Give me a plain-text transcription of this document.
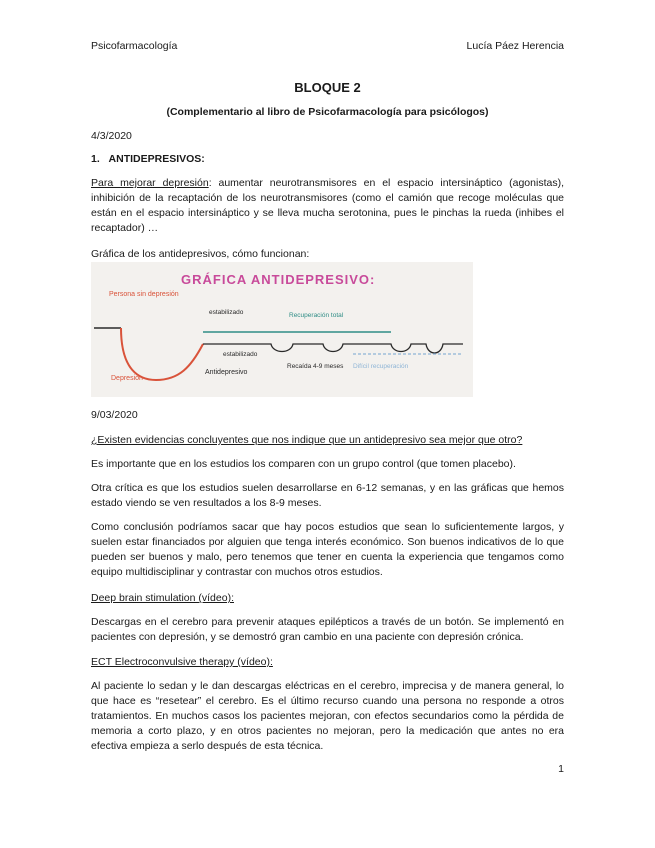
Psicofarmacología	Lucía Páez Herencia
BLOQUE 2
(Complementario al libro de Psicofarmacología para psicólogos)
4/3/2020
1. ANTIDEPRESIVOS:
Para mejorar depresión: aumentar neurotransmisores en el espacio intersináptico (agonistas), inhibición de la recaptación de los neurotransmisores (como el camión que recoge moléculas que están en el espacio intersináptico y se lleva mucha serotonina, pues le pinchas la rueda (inhibes el recaptador) …
Gráfica de los antidepresivos, cómo funcionan:
GRÁFICA ANTIDEPRESIVO:
Persona sin depresión
estabilizado	Recuperación total
estabilizado
Depresión
Antidepresivo
Recaída 4-9 meses Difícil recuperación
9/03/2020
¿Existen evidencias concluyentes que nos indique que un antidepresivo sea mejor que otro?
Es importante que en los estudios los comparen con un grupo control (que tomen placebo).
Otra crítica es que los estudios suelen desarrollarse en 6-12 semanas, y en las gráficas que hemos estado viendo se ven resultados a los 8-9 meses.
Como conclusión podríamos sacar que hay pocos estudios que sean lo suficientemente largos, y suelen estar financiados por alguien que tenga interés económico. Son buenos indicativos de lo que pueden ser buenos y malo, pero tenemos que tener en cuenta la experiencia que tengamos como equipo multidisciplinar y contrastar con muchos otros estudios.
Deep brain stimulation (vídeo):
Descargas en el cerebro para prevenir ataques epilépticos a través de un botón. Se implementó en pacientes con depresión, y se demostró gran cambio en una paciente con depresión crónica.
ECT Electroconvulsive therapy (vídeo):
Al paciente lo sedan y le dan descargas eléctricas en el cerebro, imprecisa y de manera general, lo que hace es “resetear” el cerebro. Es el último recurso cuando una persona no responde a otros tratamientos. En muchos casos los pacientes mejoran, con efectos secundarios como la pérdida de memoria a corto plazo, y en otros pacientes no mejoran, pero la medicación que antes no era efectiva empieza a serlo después de esta técnica.
1
